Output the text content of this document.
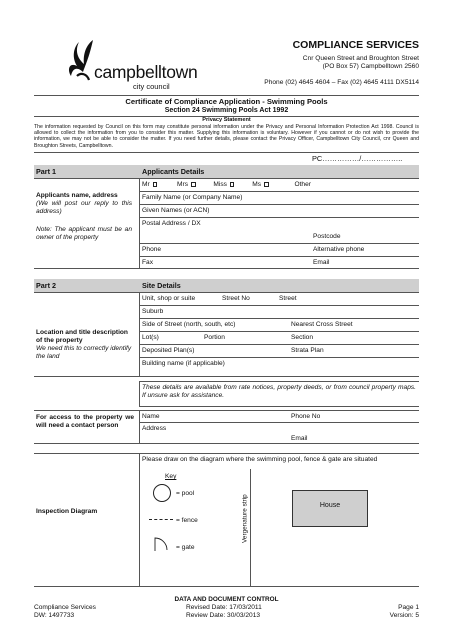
campbelltown
city council
COMPLIANCE SERVICES
Cnr Queen Street and Broughton Street
(PO Box 57) Campbelltown 2560
Phone (02) 4645 4604 – Fax (02) 4645 4111 DX5114
Certificate of Compliance Application - Swimming Pools
Section 24 Swimming Pools Act 1992
Privacy Statement
The information requested by Council on this form may constitute personal information under the Privacy and Personal Information Protection Act 1998. Council is allowed to collect the information from you to consider this matter. Supplying this information is voluntary. However if you cannot or do not wish to provide the information, we may not be able to consider the matter. If you need further details, please contact the Privacy Officer, Campbelltown City Council, cnr Queen and Broughton Streets, Campbelltown.
PC……………/……………..
Part 1	Applicants Details
Applicants name, address
(We will post our reply to this address)
Note: The applicant must be an owner of the property
Mr	Mrs	Miss	Ms	Other
Family Name (or Company Name)
Given Names (or ACN)
Postal Address / DX
Postcode
Phone	Alternative phone
Fax	Email
Part 2	Site Details
Location and title description of the property
We need this to correctly identify the land
Unit, shop or suite	Street No	Street
Suburb
Side of Street (north, south, etc)	Nearest Cross Street
Lot(s)	Portion	Section
Deposited Plan(s)	Strata Plan
Building name (if applicable)
These details are available from rate notices, property deeds, or from council property maps. If unsure ask for assistance.
For access to the property we will need a contact person
Name	Phone No
Address
Email
Inspection Diagram
Please draw on the diagram where the swimming pool, fence & gate are situated
Key
= pool
= fence
= gate
Vergenature strip	House
DATA AND DOCUMENT CONTROL
Compliance Services
DW: 1497733
Revised Date: 17/03/2011
Review Date: 30/03/2013
Page 1
Version: 5
